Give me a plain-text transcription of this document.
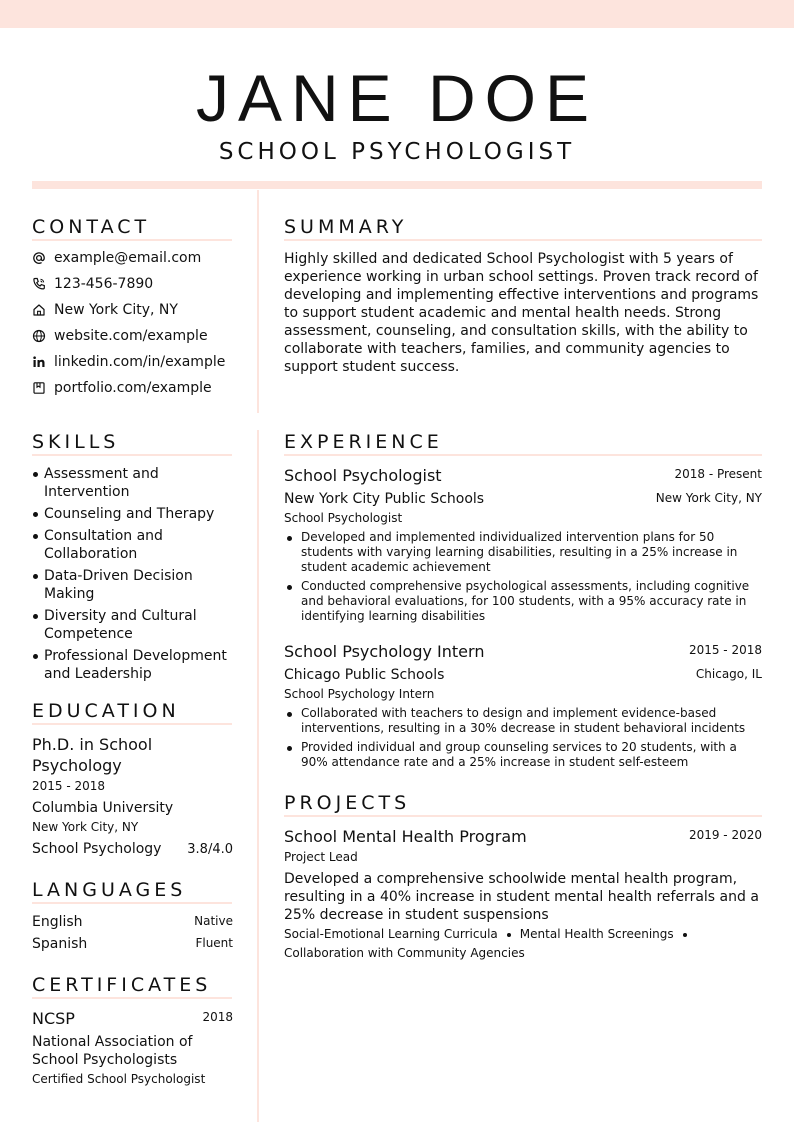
JANE DOE
SCHOOL PSYCHOLOGIST
CONTACT
example@email.com
123-456-7890
New York City, NY
website.com/example
linkedin.com/in/example
portfolio.com/example
SUMMARY
Highly skilled and dedicated School Psychologist with 5 years of experience working in urban school settings. Proven track record of developing and implementing effective interventions and programs to support student academic and mental health needs. Strong assessment, counseling, and consultation skills, with the ability to collaborate with teachers, families, and community agencies to support student success.
SKILLS
Assessment and Intervention
Counseling and Therapy
Consultation and Collaboration
Data-Driven Decision Making
Diversity and Cultural Competence
Professional Development and Leadership
EDUCATION
Ph.D. in School Psychology
2015 - 2018
Columbia University
New York City, NY
School Psychology	3.8/4.0
LANGUAGES
English	Native
Spanish	Fluent
CERTIFICATES
NCSP	2018
National Association of School Psychologists
Certified School Psychologist
EXPERIENCE
School Psychologist	2018 - Present
New York City Public Schools	New York City, NY
School Psychologist
Developed and implemented individualized intervention plans for 50 students with varying learning disabilities, resulting in a 25% increase in student academic achievement
Conducted comprehensive psychological assessments, including cognitive and behavioral evaluations, for 100 students, with a 95% accuracy rate in identifying learning disabilities
School Psychology Intern	2015 - 2018
Chicago Public Schools	Chicago, IL
School Psychology Intern
Collaborated with teachers to design and implement evidence-based interventions, resulting in a 30% decrease in student behavioral incidents
Provided individual and group counseling services to 20 students, with a 90% attendance rate and a 25% increase in student self-esteem
PROJECTS
School Mental Health Program	2019 - 2020
Project Lead
Developed a comprehensive schoolwide mental health program, resulting in a 40% increase in student mental health referrals and a 25% decrease in student suspensions
Social-Emotional Learning Curricula Mental Health Screenings
Collaboration with Community Agencies
